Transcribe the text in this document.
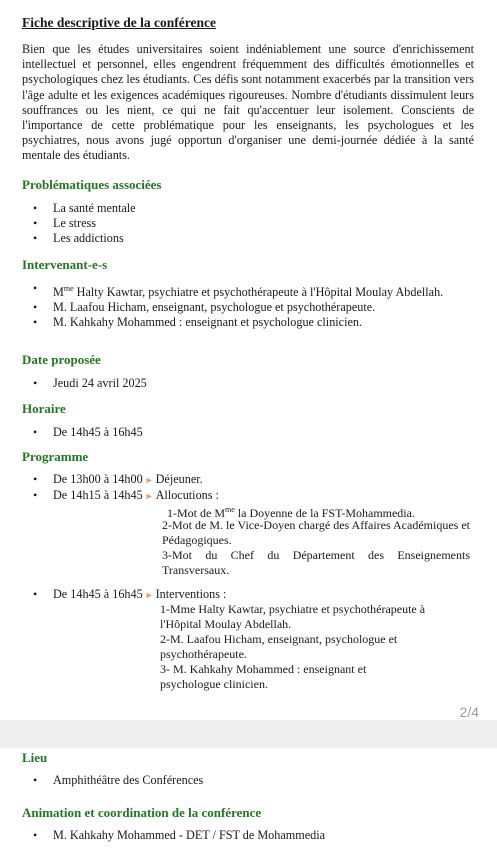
Fiche descriptive de la conférence

Bien que les études universitaires soient indéniablement une source d'enrichissement intellectuel et personnel, elles engendrent fréquemment des difficultés émotionnelles et psychologiques chez les étudiants. Ces défis sont notamment exacerbés par la transition vers l'âge adulte et les exigences académiques rigoureuses. Nombre d'étudiants dissimulent leurs souffrances ou les nient, ce qui ne fait qu'accentuer leur isolement. Conscients de l'importance de cette problématique pour les enseignants, les psychologues et les psychiatres, nous avons jugé opportun d'organiser une demi-journée dédiée à la santé mentale des étudiants.

Problématiques associées
• La santé mentale
• Le stress
• Les addictions
Intervenant-e-s
• $M^{me}$ Halty Kawtar, psychiatre et psychothérapeute à l'Hôpital Moulay Abdellah.
• M. Laafou Hicham, enseignant, psychologue et psychothérapeute.
• M. Kahkahy Mohammed : enseignant et psychologue clinicien.
Date proposée
• Jeudi 24 avril 2025
Horaire
• De 14h45 à 16h45
Programme
• De 13h00 à 14h00 ► Déjeuner.
• De 14h15 à 14h45 ► Allocutions :
1-Mot de $M^{me}$ la Doyenne de la FST-Mohammedia.
2-Mot de M. le Vice-Doyen chargé des Affaires Académiques et Pédagogiques.
3-Mot du Chef du Département des Enseignements Transversaux.
• De 14h45 à 16h45 ► Interventions :
1-Mme Halty Kawtar, psychiatre et psychothérapeute à l'Hôpital Moulay Abdellah.
2-M. Laafou Hicham, enseignant, psychologue et psychothérapeute.
3- M. Kahkahy Mohammed : enseignant et psychologue clinicien.
2/4
Lieu
• Amphithéâtre des Conférences
Animation et coordination de la conférence
• M. Kahkahy Mohammed - DET / FST de Mohammedia
